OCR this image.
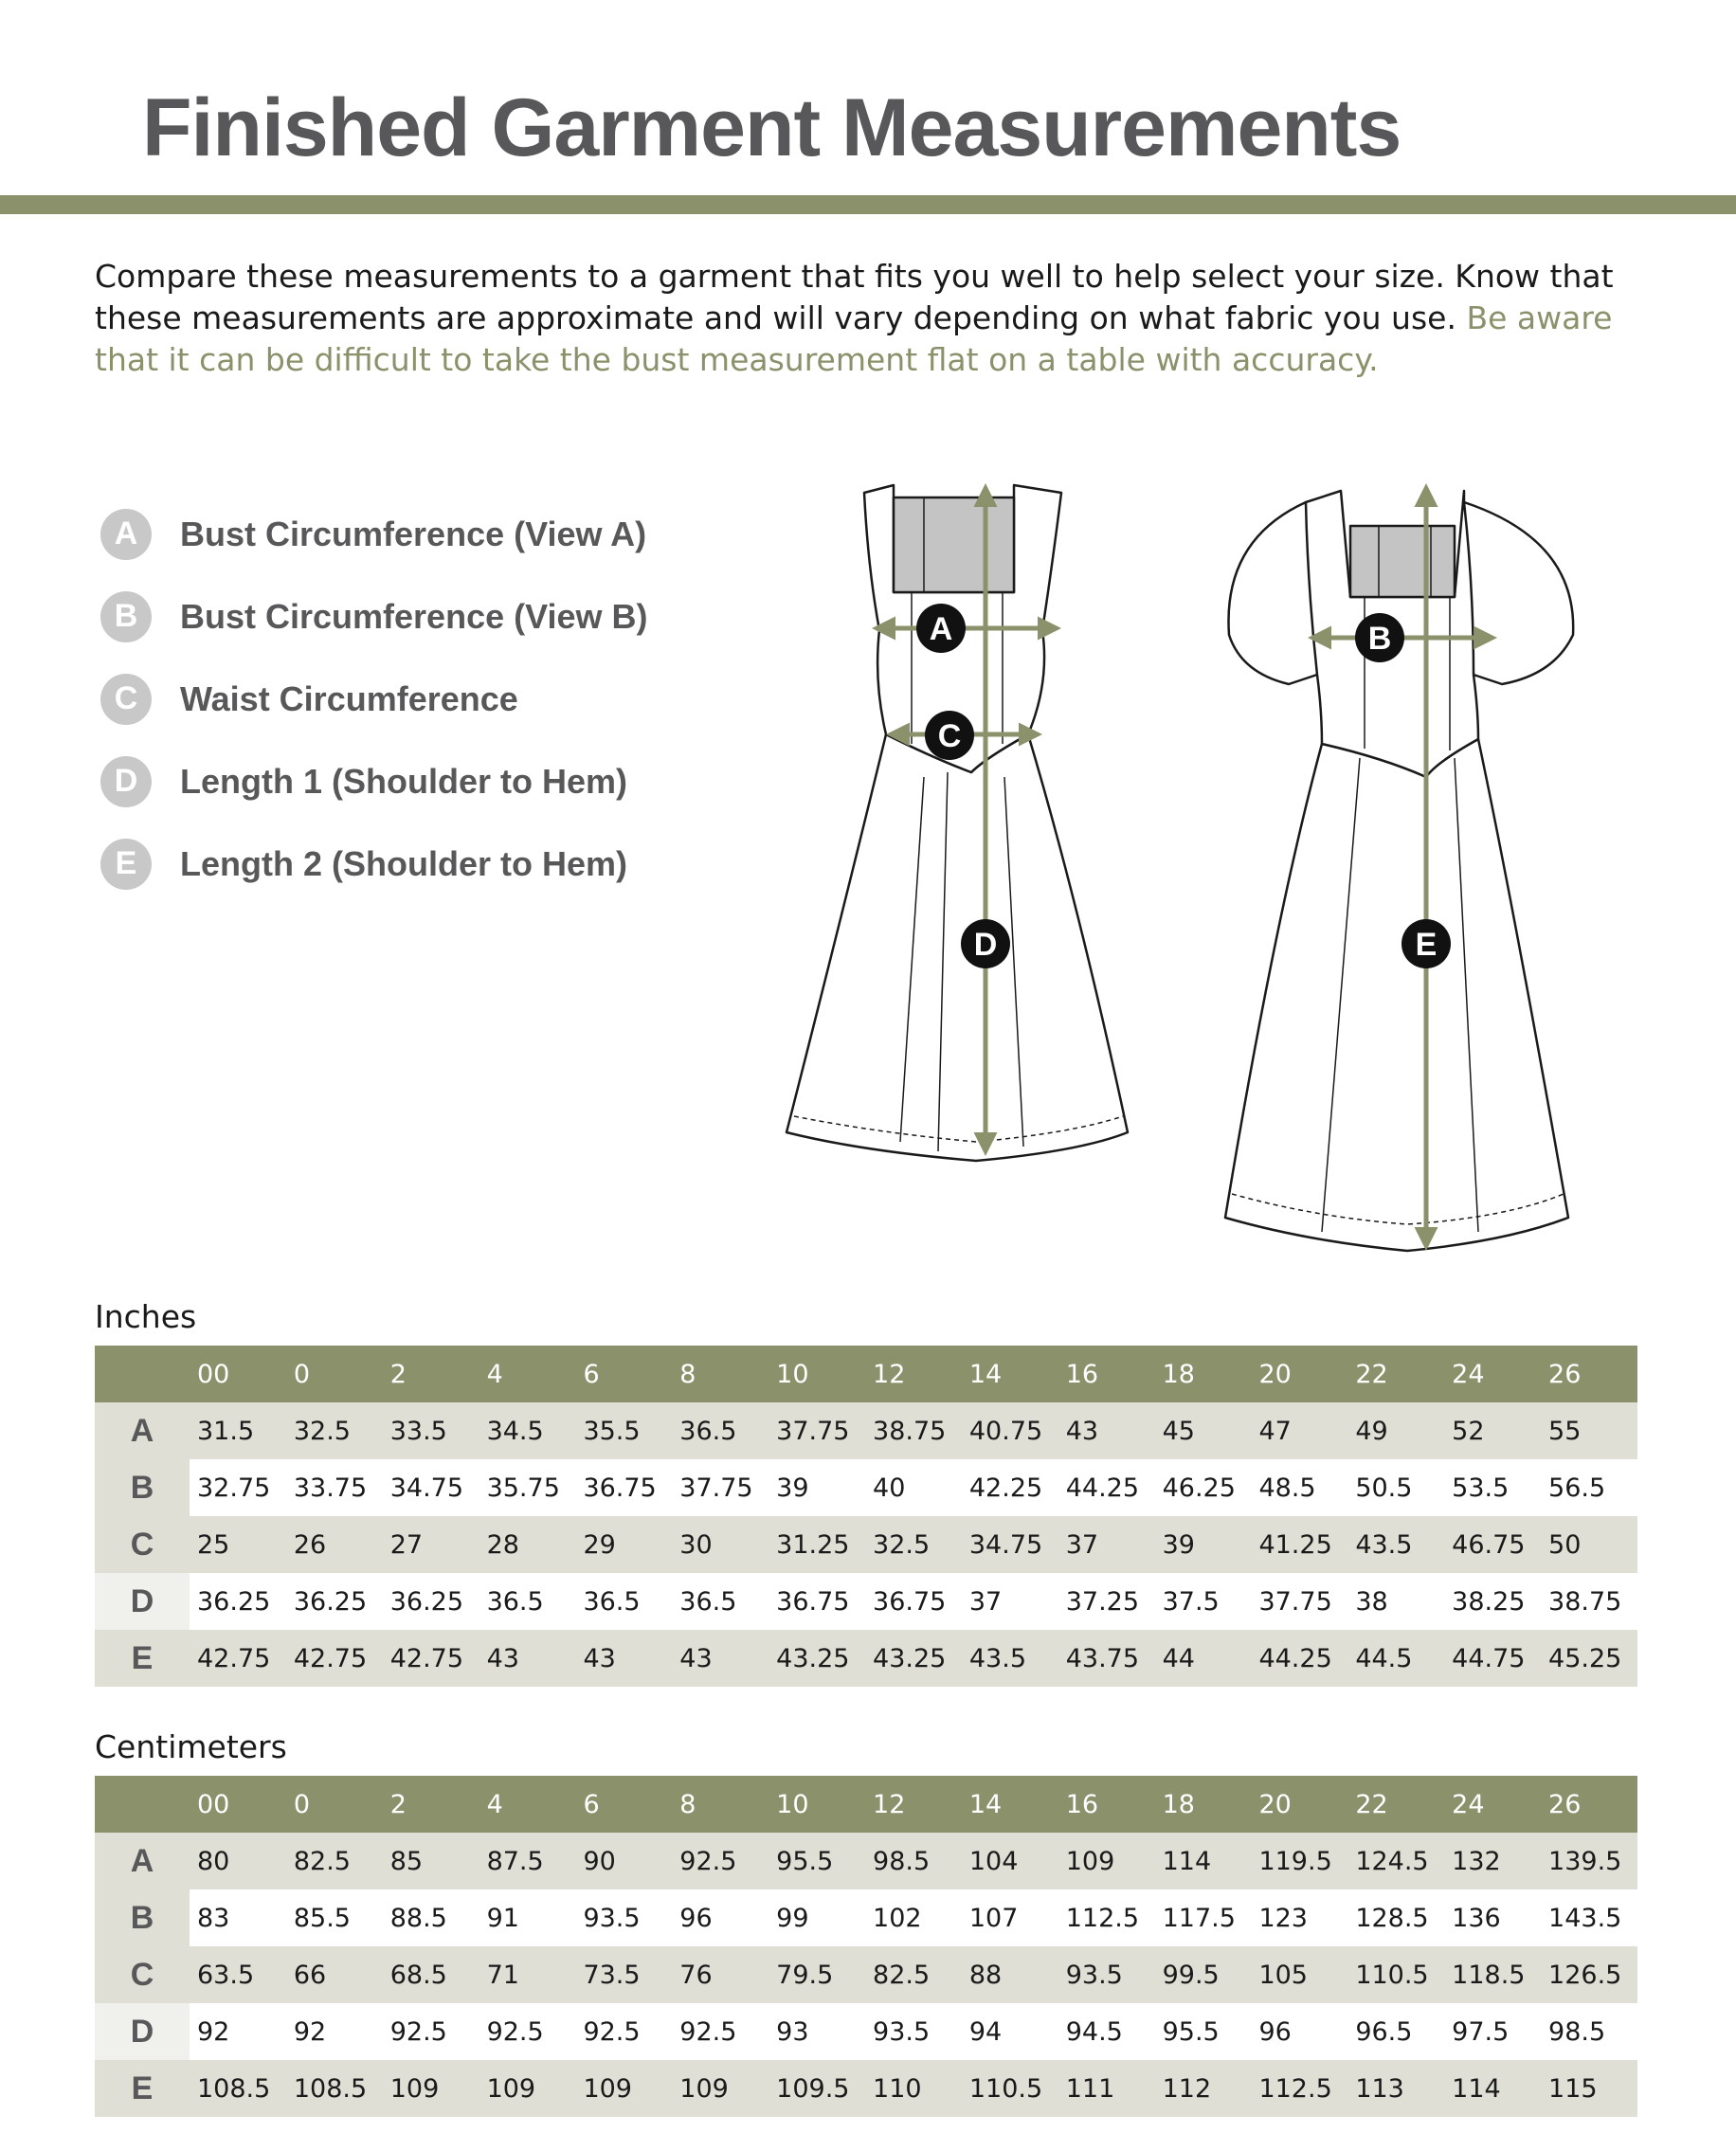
Finished Garment Measurements

Compare these measurements to a garment that fits you well to help select your size. Know that these measurements are approximate and will vary depending on what fabric you use. Be aware that it can be difficult to take the bust measurement flat on a table with accuracy.

A	Bust Circumference (View A)
B	Bust Circumference (View B)
C	Waist Circumference
D	Length 1 (Shoulder to Hem)
E	Length 2 (Shoulder to Hem)
A
C
D
B
E
Inches
	00	0	2	4	6	8	10	12	14	16	18	20	22	24	26
A	31.5	32.5	33.5	34.5	35.5	36.5	37.75	38.75	40.75	43	45	47	49	52	55
B	32.75	33.75	34.75	35.75	36.75	37.75	39	40	42.25	44.25	46.25	48.5	50.5	53.5	56.5
C	25	26	27	28	29	30	31.25	32.5	34.75	37	39	41.25	43.5	46.75	50
D	36.25	36.25	36.25	36.5	36.5	36.5	36.75	36.75	37	37.25	37.5	37.75	38	38.25	38.75
E	42.75	42.75	42.75	43	43	43	43.25	43.25	43.5	43.75	44	44.25	44.5	44.75	45.25
Centimeters
	00	0	2	4	6	8	10	12	14	16	18	20	22	24	26
A	80	82.5	85	87.5	90	92.5	95.5	98.5	104	109	114	119.5	124.5	132	139.5
B	83	85.5	88.5	91	93.5	96	99	102	107	112.5	117.5	123	128.5	136	143.5
C	63.5	66	68.5	71	73.5	76	79.5	82.5	88	93.5	99.5	105	110.5	118.5	126.5
D	92	92	92.5	92.5	92.5	92.5	93	93.5	94	94.5	95.5	96	96.5	97.5	98.5
E	108.5	108.5	109	109	109	109	109.5	110	110.5	111	112	112.5	113	114	115
